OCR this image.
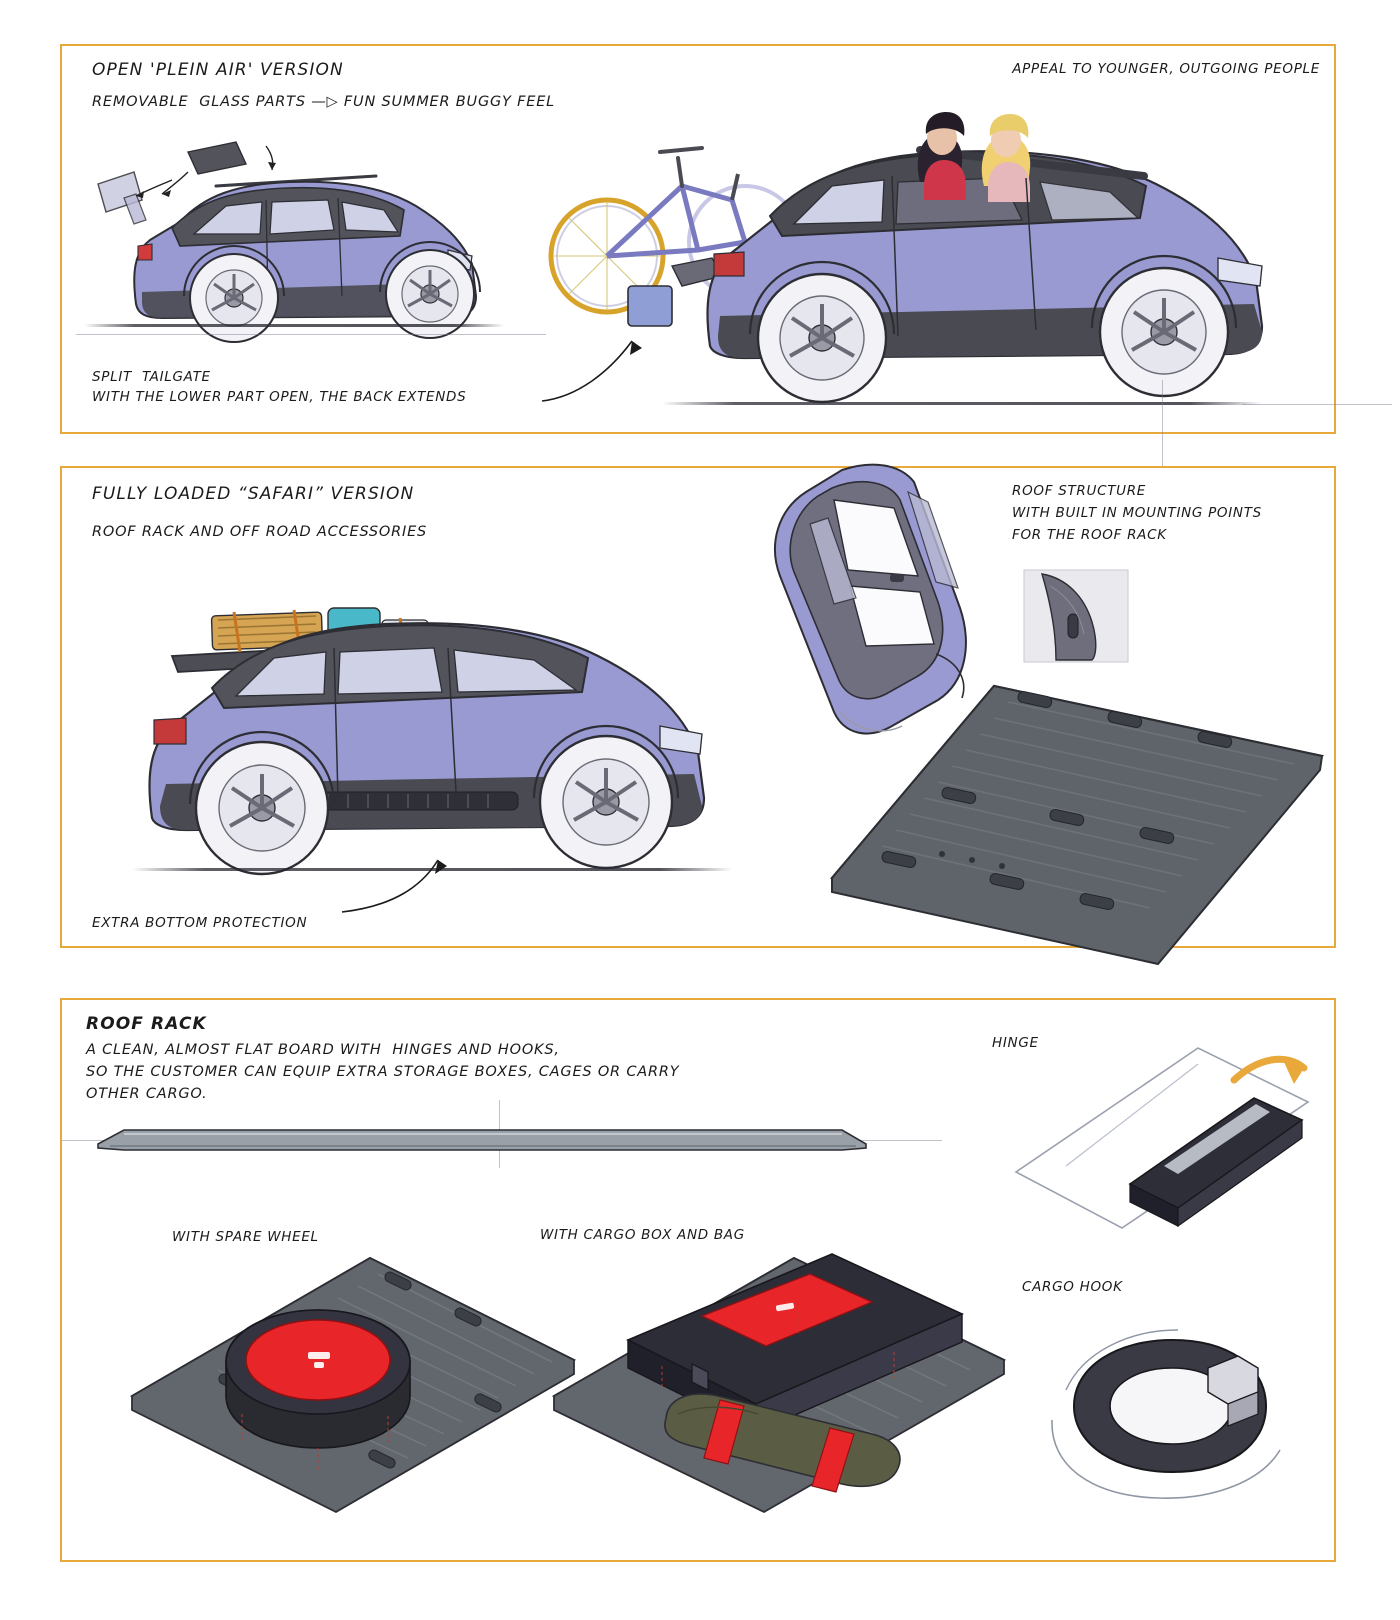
OPEN 'PLEIN AIR' VERSION
REMOVABLE  GLASS PARTS —▷ FUN SUMMER BUGGY FEEL
APPEAL TO YOUNGER, OUTGOING PEOPLE
SPLIT  TAILGATE
WITH THE LOWER PART OPEN, THE BACK EXTENDS
FULLY LOADED “SAFARI” VERSION
ROOF RACK AND OFF ROAD ACCESSORIES
EXTRA BOTTOM PROTECTION
ROOF STRUCTURE
WITH BUILT IN MOUNTING POINTS
FOR THE ROOF RACK
ROOF RACK
A CLEAN, ALMOST FLAT BOARD WITH  HINGES AND HOOKS,
SO THE CUSTOMER CAN EQUIP EXTRA STORAGE BOXES, CAGES OR CARRY
OTHER CARGO.
WITH SPARE WHEEL	WITH CARGO BOX AND BAG
HINGE
CARGO HOOK
